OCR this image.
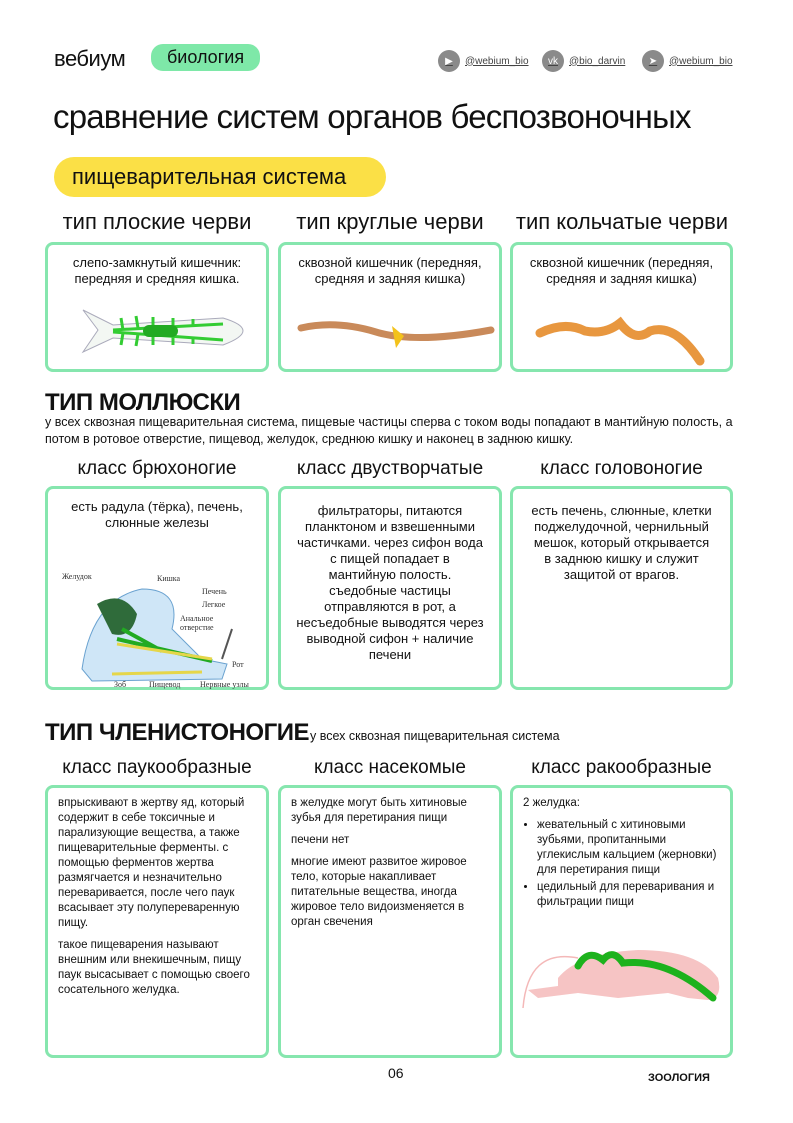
вебиум	биология	▶	@webium_bio	vk	@bio_darvin	➤	@webium_bio
сравнение систем органов беспозвоночных
пищеварительная система
тип плоские черви	тип круглые черви	тип кольчатые черви
слепо-замкнутый кишечник: передняя и средняя кишка.
сквозной кишечник (передняя, средняя и задняя кишка)
сквозной кишечник (передняя, средняя и задняя кишка)
ТИП МОЛЛЮСКИ
у всех сквозная пищеварительная система, пищевые частицы сперва с током воды попадают в мантийную полость, а потом в ротовое отверстие, пищевод, желудок, среднюю кишку и наконец в заднюю кишку.
класс брюхоногие	класс двустворчатые	класс головоногие
есть радула (тёрка), печень, слюнные железы
Желудок	Кишка
Печень
Легкое
Анальное
отверстие
Рот
Зоб	Пищевод Нервные узлы
фильтраторы, питаются планктоном и взвешенными частичками. через сифон вода с пищей попадает в мантийную полость. съедобные частицы отправляются в рот, а несъедобные выводятся через выводной сифон + наличие печени
есть печень, слюнные, клетки поджелудочной, чернильный мешок, который открывается в заднюю кишку и служит защитой от врагов.
ТИП ЧЛЕНИСТОНОГИЕ у всех сквозная пищеварительная система
класс паукообразные	класс насекомые	класс ракообразные

впрыскивают в жертву яд, который содержит в себе токсичные и парализующие вещества, а также пищеварительные ферменты. с помощью ферментов жертва размягчается и незначительно переваривается, после чего паук всасывает эту полупереваренную пищу.

такое пищеварения называют внешним или внекишечным, пищу паук высасывает с помощью своего сосательного желудка.

в желудке могут быть хитиновые зубья для перетирания пищи

печени нет

многие имеют развитое жировое тело, которые накапливает питательные вещества, иногда жировое тело видоизменяется в орган свечения

2 желудка:

• жевательный с хитиновыми зубьями, пропитанными углекислым кальцием (жерновки) для перетирания пищи
• цедильный для переваривания и фильтрации пищи
06	ЗООЛОГИЯ
